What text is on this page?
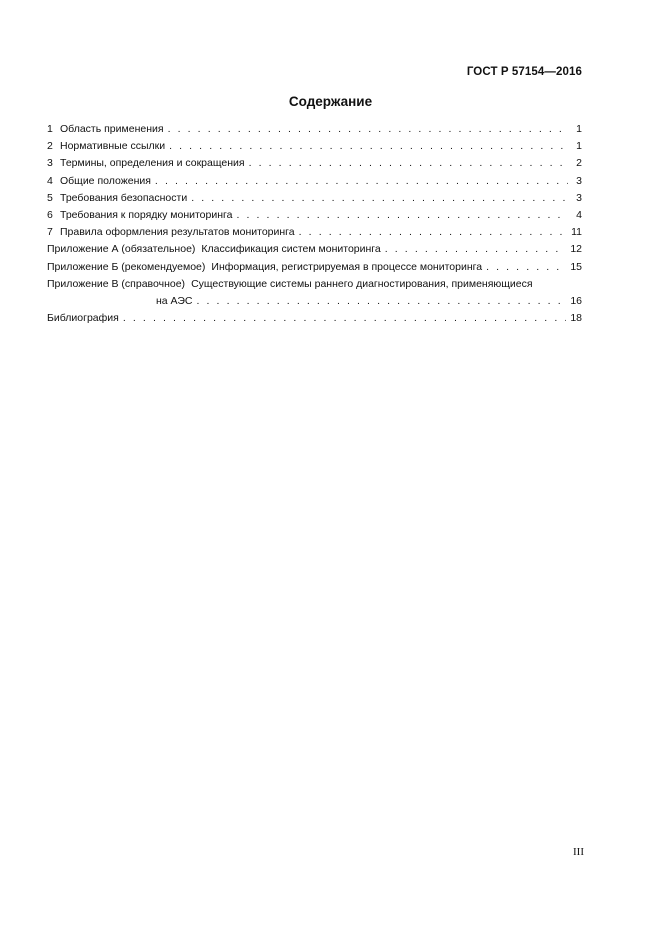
ГОСТ Р 57154—2016
Содержание
1 Область применения . . .	1
2 Нормативные ссылки . . .	1
3 Термины, определения и сокращения . . .	2
4 Общие положения . . .	3
5 Требования безопасности . . .	3
6 Требования к порядку мониторинга . . .	4
7 Правила оформления результатов мониторинга . . .	11
Приложение А (обязательное) Классификация систем мониторинга . . .	12
Приложение Б (рекомендуемое) Информация, регистрируемая в процессе мониторинга . . .	15
Приложение В (справочное) Существующие системы раннего диагностирования, применяющиеся
на АЭС . . .	16
Библиография . . .	18
III
